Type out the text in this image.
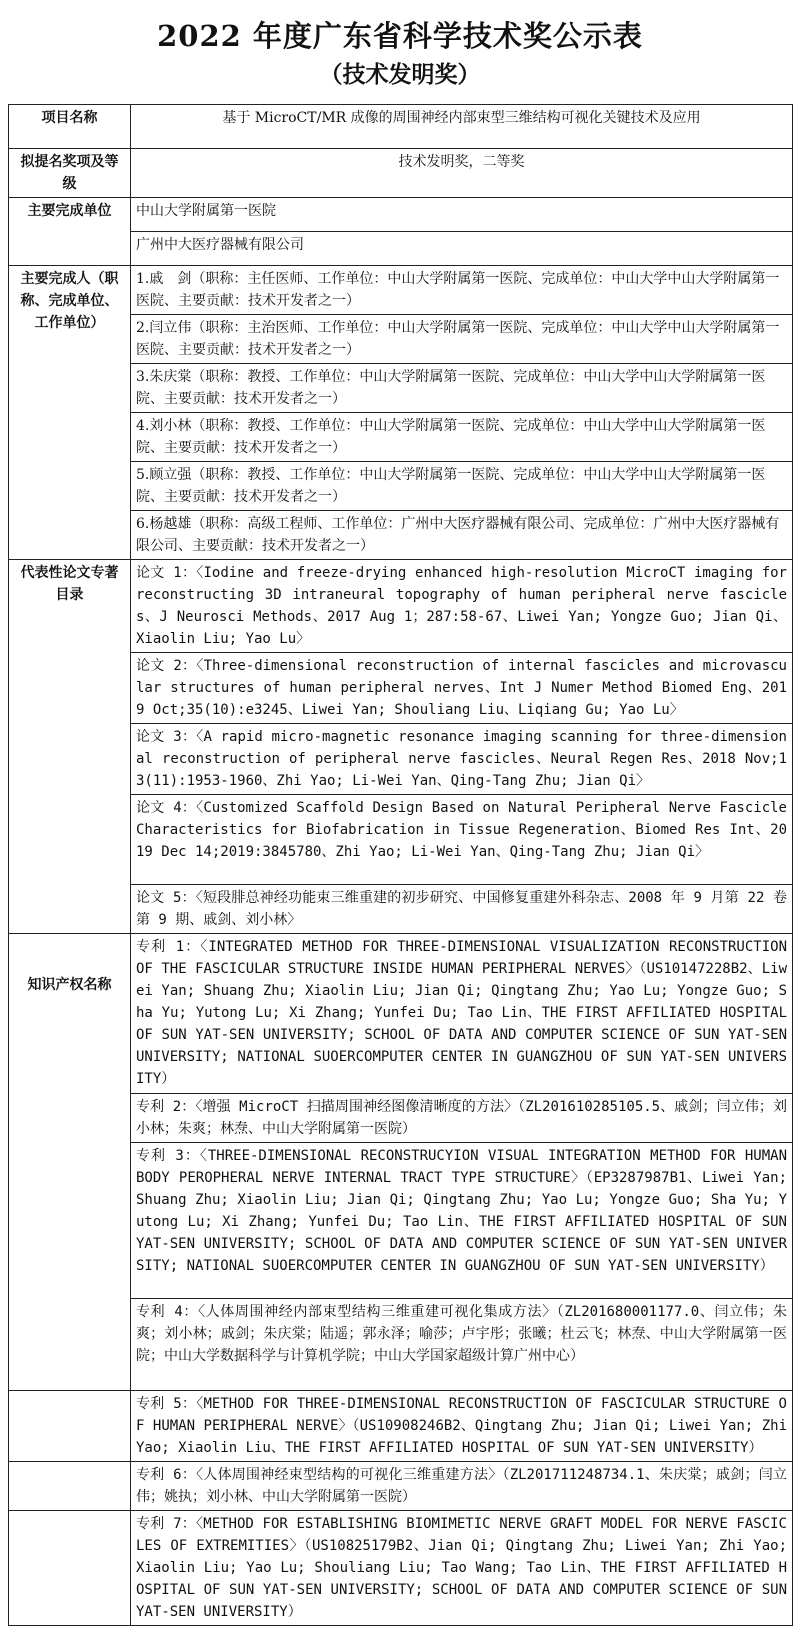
2022 年度广东省科学技术奖公示表
（技术发明奖）
项目名称	基于 MicroCT/MR 成像的周围神经内部束型三维结构可视化关键技术及应用
拟提名奖项及等级	技术发明奖，二等奖
主要完成单位	中山大学附属第一医院
	广州中大医疗器械有限公司
主要完成人（职称、完成单位、工作单位）	1.戚　剑（职称：主任医师、工作单位：中山大学附属第一医院、完成单位：中山大学中山大学附属第一医院、主要贡献：技术开发者之一）
	2.闫立伟（职称：主治医师、工作单位：中山大学附属第一医院、完成单位：中山大学中山大学附属第一医院、主要贡献：技术开发者之一）
	3.朱庆棠（职称：教授、工作单位：中山大学附属第一医院、完成单位：中山大学中山大学附属第一医院、主要贡献：技术开发者之一）
	4.刘小林（职称：教授、工作单位：中山大学附属第一医院、完成单位：中山大学中山大学附属第一医院、主要贡献：技术开发者之一）
	5.顾立强（职称：教授、工作单位：中山大学附属第一医院、完成单位：中山大学中山大学附属第一医院、主要贡献：技术开发者之一）
	6.杨越雄（职称：高级工程师、工作单位：广州中大医疗器械有限公司、完成单位：广州中大医疗器械有限公司、主要贡献：技术开发者之一）
代表性论文专著目录	论文 1：〈Iodine and freeze-drying enhanced high-resolution MicroCT imaging for reconstructing 3D intraneural topography of human peripheral nerve fascicles、J Neurosci Methods、2017 Aug 1；287:58-67、Liwei Yan; Yongze Guo; Jian Qi、Xiaolin Liu; Yao Lu〉
	论文 2：〈Three-dimensional reconstruction of internal fascicles and microvascular structures of human peripheral nerves、Int J Numer Method Biomed Eng、2019 Oct;35(10):e3245、Liwei Yan; Shouliang Liu、Liqiang Gu; Yao Lu〉
	论文 3：〈A rapid micro-magnetic resonance imaging scanning for three-dimensional reconstruction of peripheral nerve fascicles、Neural Regen Res、2018 Nov;13(11):1953-1960、Zhi Yao; Li-Wei Yan、Qing-Tang Zhu; Jian Qi〉
	论文 4：〈Customized Scaffold Design Based on Natural Peripheral Nerve Fascicle Characteristics for Biofabrication in Tissue Regeneration、Biomed Res Int、2019 Dec 14;2019:3845780、Zhi Yao; Li-Wei Yan、Qing-Tang Zhu; Jian Qi〉
	论文 5：〈短段腓总神经功能束三维重建的初步研究、中国修复重建外科杂志、2008 年 9 月第 22 卷第 9 期、戚剑、刘小林〉
知识产权名称	专利 1：〈INTEGRATED METHOD FOR THREE-DIMENSIONAL VISUALIZATION RECONSTRUCTION OF THE FASCICULAR STRUCTURE INSIDE HUMAN PERIPHERAL NERVES〉（US10147228B2、Liwei Yan; Shuang Zhu; Xiaolin Liu; Jian Qi; Qingtang Zhu; Yao Lu; Yongze Guo; Sha Yu; Yutong Lu; Xi Zhang; Yunfei Du; Tao Lin、THE FIRST AFFILIATED HOSPITAL OF SUN YAT-SEN UNIVERSITY; SCHOOL OF DATA AND COMPUTER SCIENCE OF SUN YAT-SEN UNIVERSITY; NATIONAL SUOERCOMPUTER CENTER IN GUANGZHOU OF SUN YAT-SEN UNIVERSITY）
	专利 2：〈增强 MicroCT 扫描周围神经图像清晰度的方法〉（ZL201610285105.5、戚剑；闫立伟；刘小林；朱爽；林焘、中山大学附属第一医院）
	专利 3：〈THREE-DIMENSIONAL RECONSTRUCYION VISUAL INTEGRATION METHOD FOR HUMAN BODY PEROPHERAL NERVE INTERNAL TRACT TYPE STRUCTURE〉（EP3287987B1、Liwei Yan; Shuang Zhu; Xiaolin Liu; Jian Qi; Qingtang Zhu; Yao Lu; Yongze Guo; Sha Yu; Yutong Lu; Xi Zhang; Yunfei Du; Tao Lin、THE FIRST AFFILIATED HOSPITAL OF SUN YAT-SEN UNIVERSITY; SCHOOL OF DATA AND COMPUTER SCIENCE OF SUN YAT-SEN UNIVERSITY; NATIONAL SUOERCOMPUTER CENTER IN GUANGZHOU OF SUN YAT-SEN UNIVERSITY）
	专利 4：〈人体周围神经内部束型结构三维重建可视化集成方法〉（ZL201680001177.0、闫立伟；朱爽；刘小林；戚剑；朱庆棠；陆遥；郭永泽；喻莎；卢宇彤；张曦；杜云飞；林焘、中山大学附属第一医院；中山大学数据科学与计算机学院；中山大学国家超级计算广州中心）
	专利 5：〈METHOD FOR THREE-DIMENSIONAL RECONSTRUCTION OF FASCICULAR STRUCTURE OF HUMAN PERIPHERAL NERVE〉（US10908246B2、Qingtang Zhu; Jian Qi; Liwei Yan; Zhi Yao; Xiaolin Liu、THE FIRST AFFILIATED HOSPITAL OF SUN YAT-SEN UNIVERSITY）
	专利 6：〈人体周围神经束型结构的可视化三维重建方法〉（ZL201711248734.1、朱庆棠；戚剑；闫立伟；姚执；刘小林、中山大学附属第一医院）
	专利 7：〈METHOD FOR ESTABLISHING BIOMIMETIC NERVE GRAFT MODEL FOR NERVE FASCICLES OF EXTREMITIES〉（US10825179B2、Jian Qi; Qingtang Zhu; Liwei Yan; Zhi Yao; Xiaolin Liu; Yao Lu; Shouliang Liu; Tao Wang; Tao Lin、THE FIRST AFFILIATED HOSPITAL OF SUN YAT-SEN UNIVERSITY; SCHOOL OF DATA AND COMPUTER SCIENCE OF SUN YAT-SEN UNIVERSITY）
